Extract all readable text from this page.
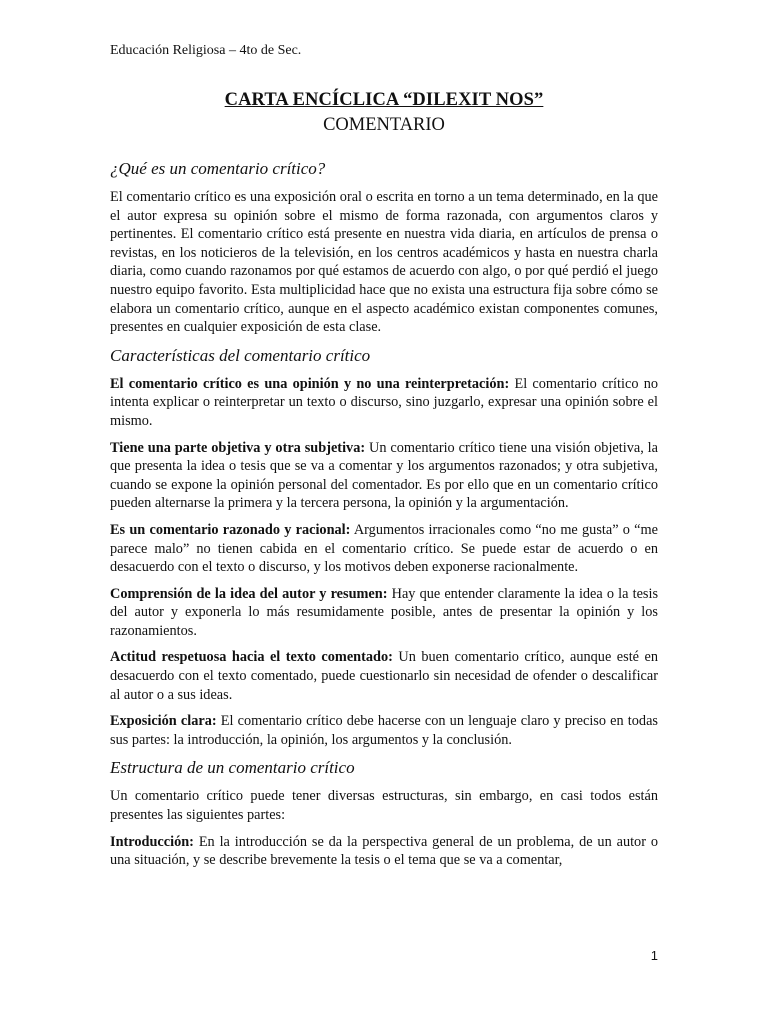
Educación Religiosa – 4to de Sec.
CARTA ENCÍCLICA “DILEXIT NOS”
COMENTARIO
¿Qué es un comentario crítico?

El comentario crítico es una exposición oral o escrita en torno a un tema determinado, en la que el autor expresa su opinión sobre el mismo de forma razonada, con argumentos claros y pertinentes. El comentario crítico está presente en nuestra vida diaria, en artículos de prensa o revistas, en los noticieros de la televisión, en los centros académicos y hasta en nuestra charla diaria, como cuando razonamos por qué estamos de acuerdo con algo, o por qué perdió el juego nuestro equipo favorito. Esta multiplicidad hace que no exista una estructura fija sobre cómo se elabora un comentario crítico, aunque en el aspecto académico existan componentes comunes, presentes en cualquier exposición de esta clase.

Características del comentario crítico

El comentario crítico es una opinión y no una reinterpretación: El comentario crítico no intenta explicar o reinterpretar un texto o discurso, sino juzgarlo, expresar una opinión sobre el mismo.

Tiene una parte objetiva y otra subjetiva: Un comentario crítico tiene una visión objetiva, la que presenta la idea o tesis que se va a comentar y los argumentos razonados; y otra subjetiva, cuando se expone la opinión personal del comentador. Es por ello que en un comentario crítico pueden alternarse la primera y la tercera persona, la opinión y la argumentación.

Es un comentario razonado y racional: Argumentos irracionales como “no me gusta” o “me parece malo” no tienen cabida en el comentario crítico. Se puede estar de acuerdo o en desacuerdo con el texto o discurso, y los motivos deben exponerse racionalmente.

Comprensión de la idea del autor y resumen: Hay que entender claramente la idea o la tesis del autor y exponerla lo más resumidamente posible, antes de presentar la opinión y los razonamientos.

Actitud respetuosa hacia el texto comentado: Un buen comentario crítico, aunque esté en desacuerdo con el texto comentado, puede cuestionarlo sin necesidad de ofender o descalificar al autor o a sus ideas.

Exposición clara: El comentario crítico debe hacerse con un lenguaje claro y preciso en todas sus partes: la introducción, la opinión, los argumentos y la conclusión.

Estructura de un comentario crítico

Un comentario crítico puede tener diversas estructuras, sin embargo, en casi todos están presentes las siguientes partes:

Introducción: En la introducción se da la perspectiva general de un problema, de un autor o una situación, y se describe brevemente la tesis o el tema que se va a comentar,

1
